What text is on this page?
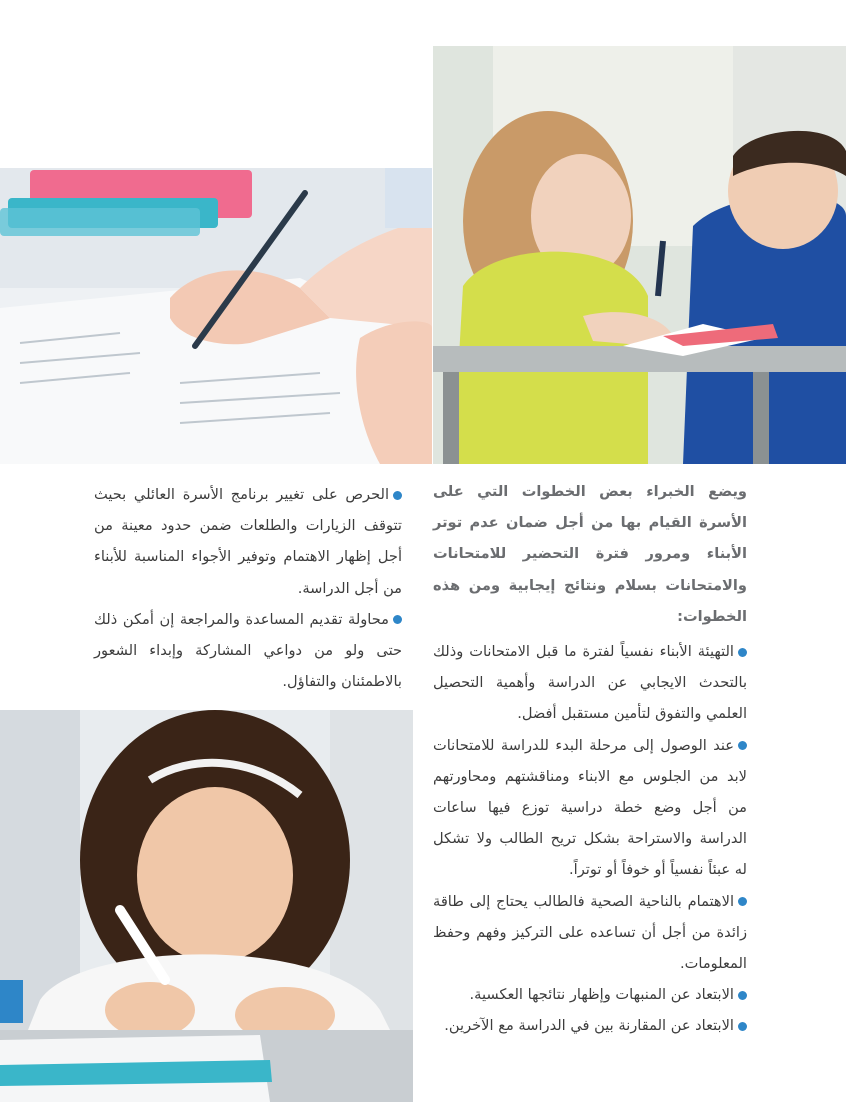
ويضع الخبراء بعض الخطوات التي على الأسرة القيام بها من أجل ضمان عدم توتر الأبناء ومرور فترة التحضير للامتحانات والامتحانات بسلام ونتائج إيجابية ومن هذه الخطوات:

التهيئة الأبناء نفسياً لفترة ما قبل الامتحانات وذلك بالتحدث الايجابي عن الدراسة وأهمية التحصيل العلمي والتفوق لتأمين مستقبل أفضل.

عند الوصول إلى مرحلة البدء للدراسة للامتحانات لابد من الجلوس مع الابناء ومناقشتهم ومحاورتهم من أجل وضع خطة دراسية توزع فيها ساعات الدراسة والاستراحة بشكل تريح الطالب ولا تشكل له عبئاً نفسياً أو خوفاً أو توتراً.

الاهتمام بالناحية الصحية فالطالب يحتاج إلى طاقة زائدة من أجل أن تساعده على التركيز وفهم وحفظ المعلومات.

الابتعاد عن المنبهات وإظهار نتائجها العكسية.

الابتعاد عن المقارنة بين في الدراسة مع الآخرين.

الحرص على تغيير برنامج الأسرة العائلي بحيث تتوقف الزيارات والطلعات ضمن حدود معينة من أجل إظهار الاهتمام وتوفير الأجواء المناسبة للأبناء من أجل الدراسة.

محاولة تقديم المساعدة والمراجعة إن أمكن ذلك حتى ولو من دواعي المشاركة وإبداء الشعور بالاطمئنان والتفاؤل.
